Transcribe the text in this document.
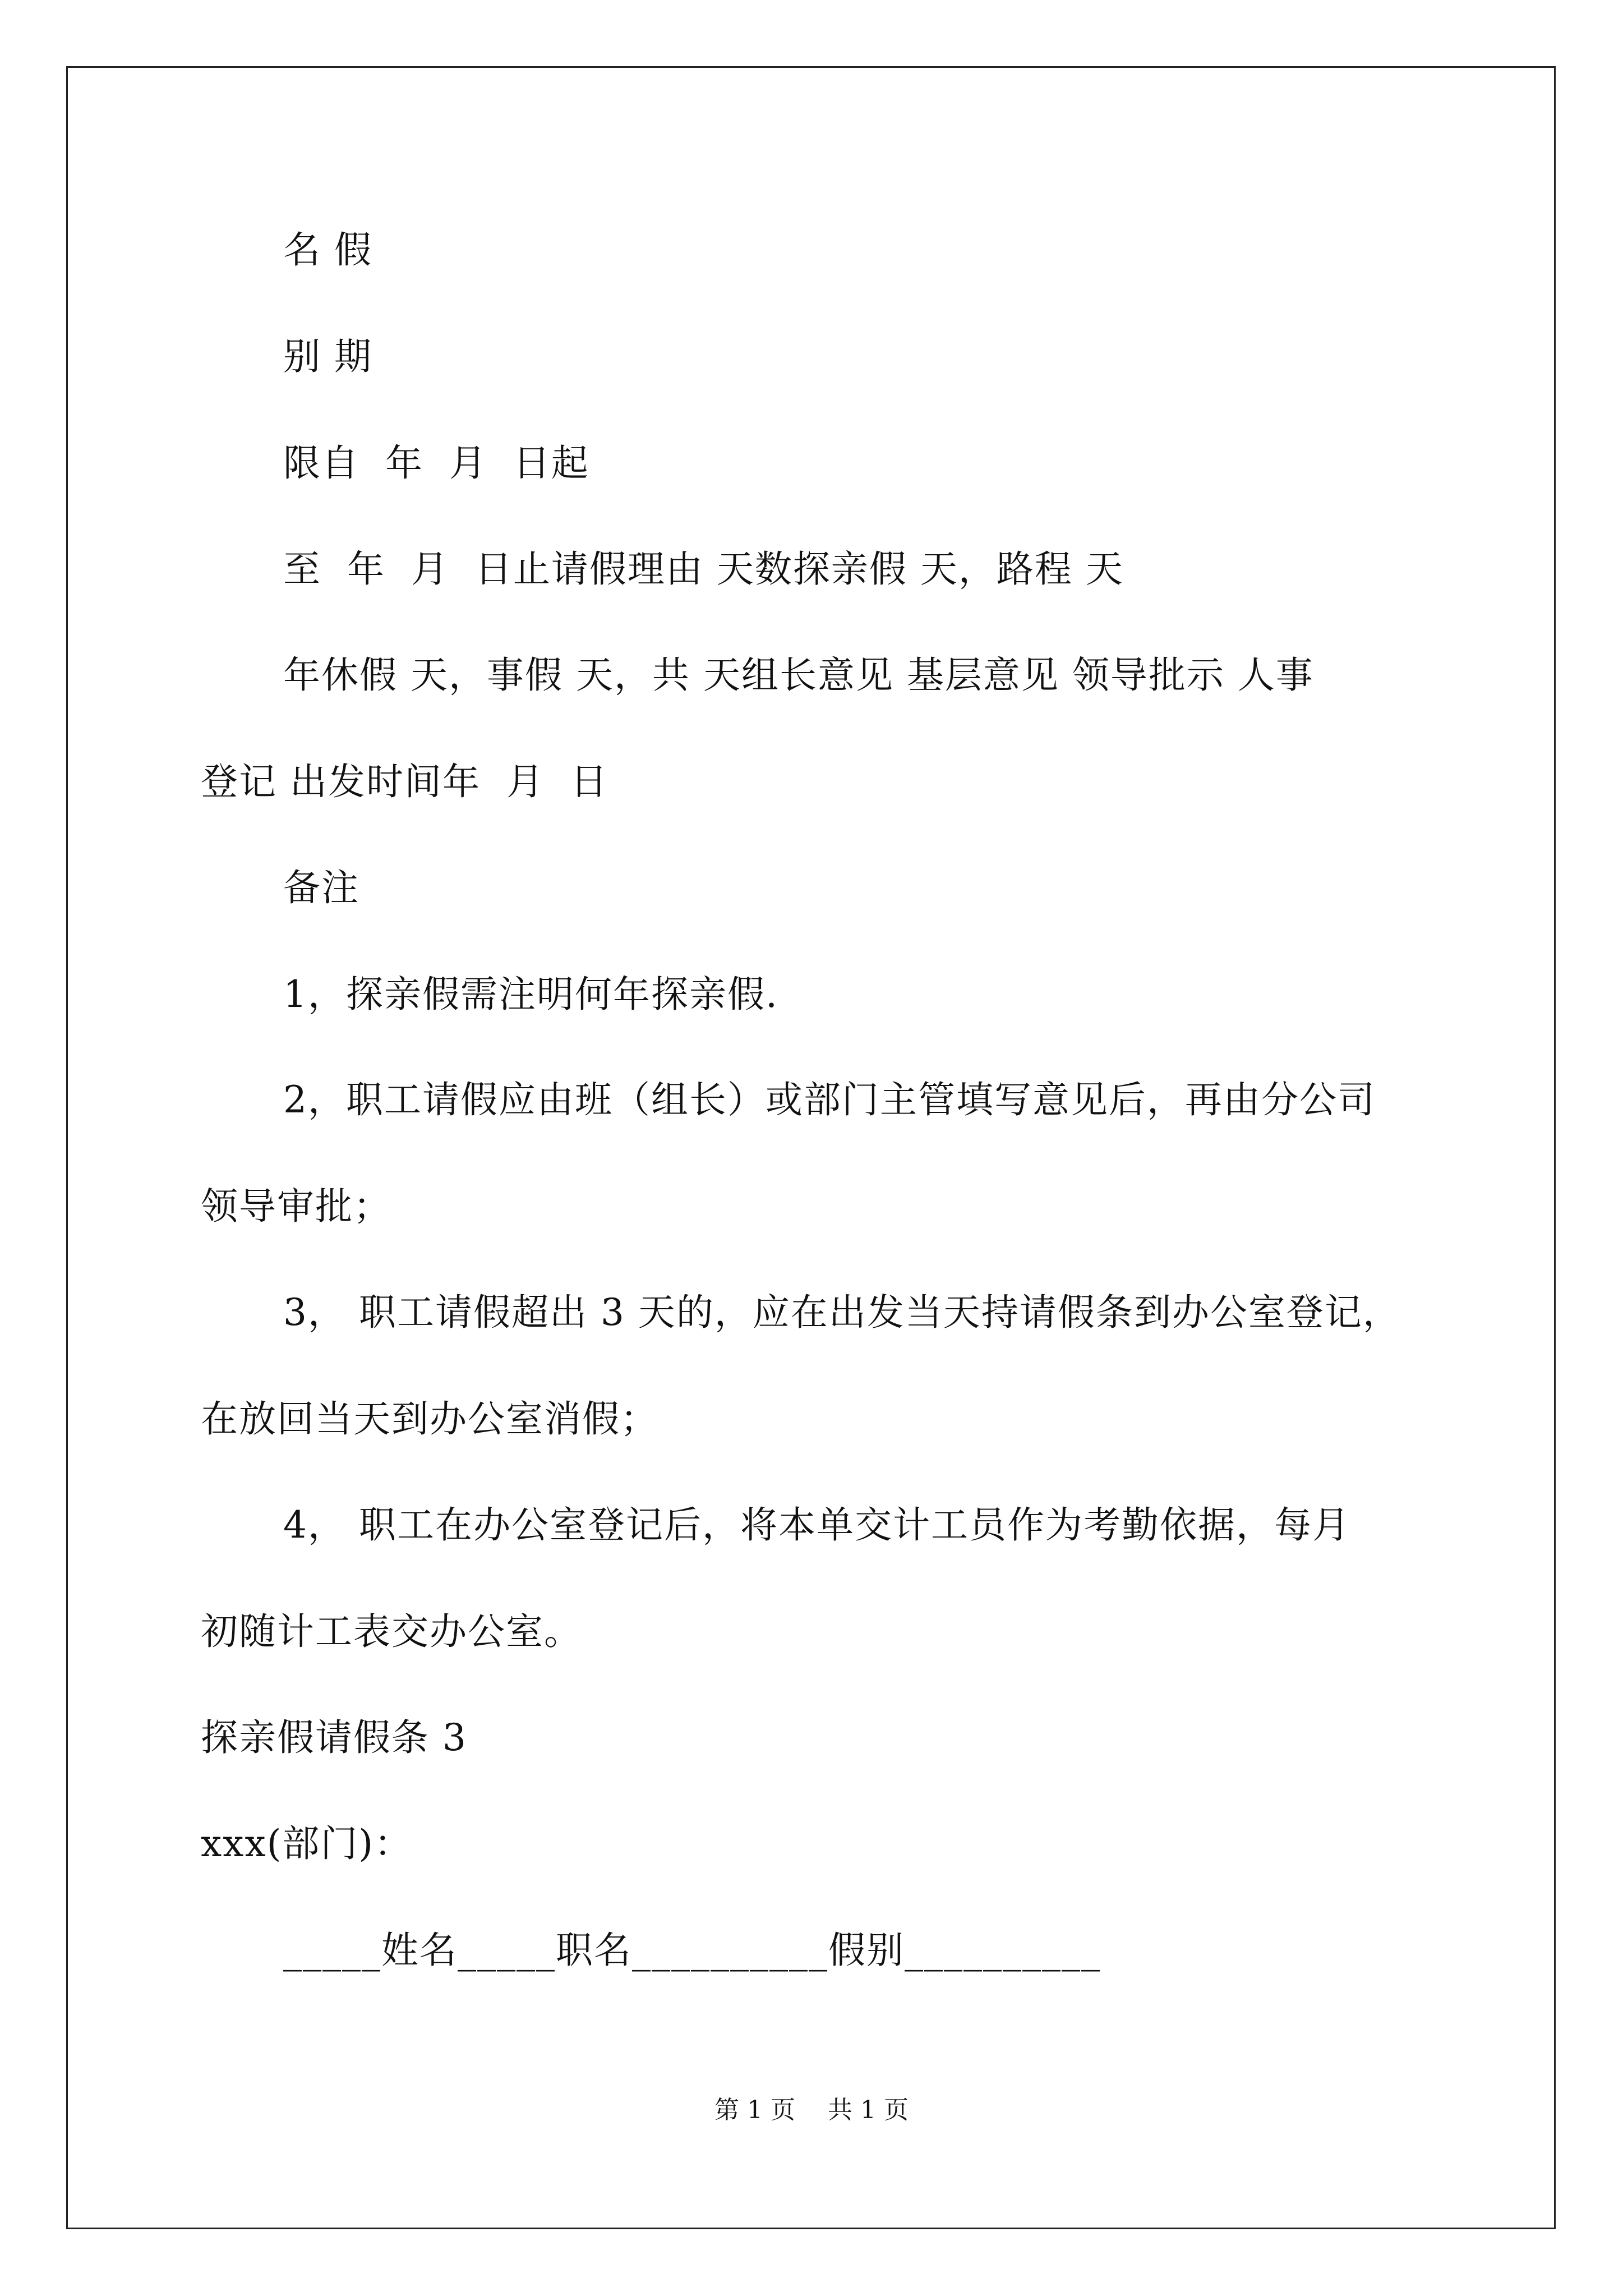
名 假
别 期
限自  年  月  日起
至  年  月  日止请假理由 天数探亲假 天，路程 天
年休假 天，事假 天，共 天组长意见 基层意见 领导批示 人事
登记 出发时间年  月  日
备注
1，探亲假需注明何年探亲假.
2，职工请假应由班（组长）或部门主管填写意见后，再由分公司
领导审批；
3， 职工请假超出 3 天的，应在出发当天持请假条到办公室登记，
在放回当天到办公室消假；
4， 职工在办公室登记后，将本单交计工员作为考勤依据，每月
初随计工表交办公室。
探亲假请假条 3
xxx(部门)：
_____姓名_____职名__________假别__________
第 1 页　 共 1 页
